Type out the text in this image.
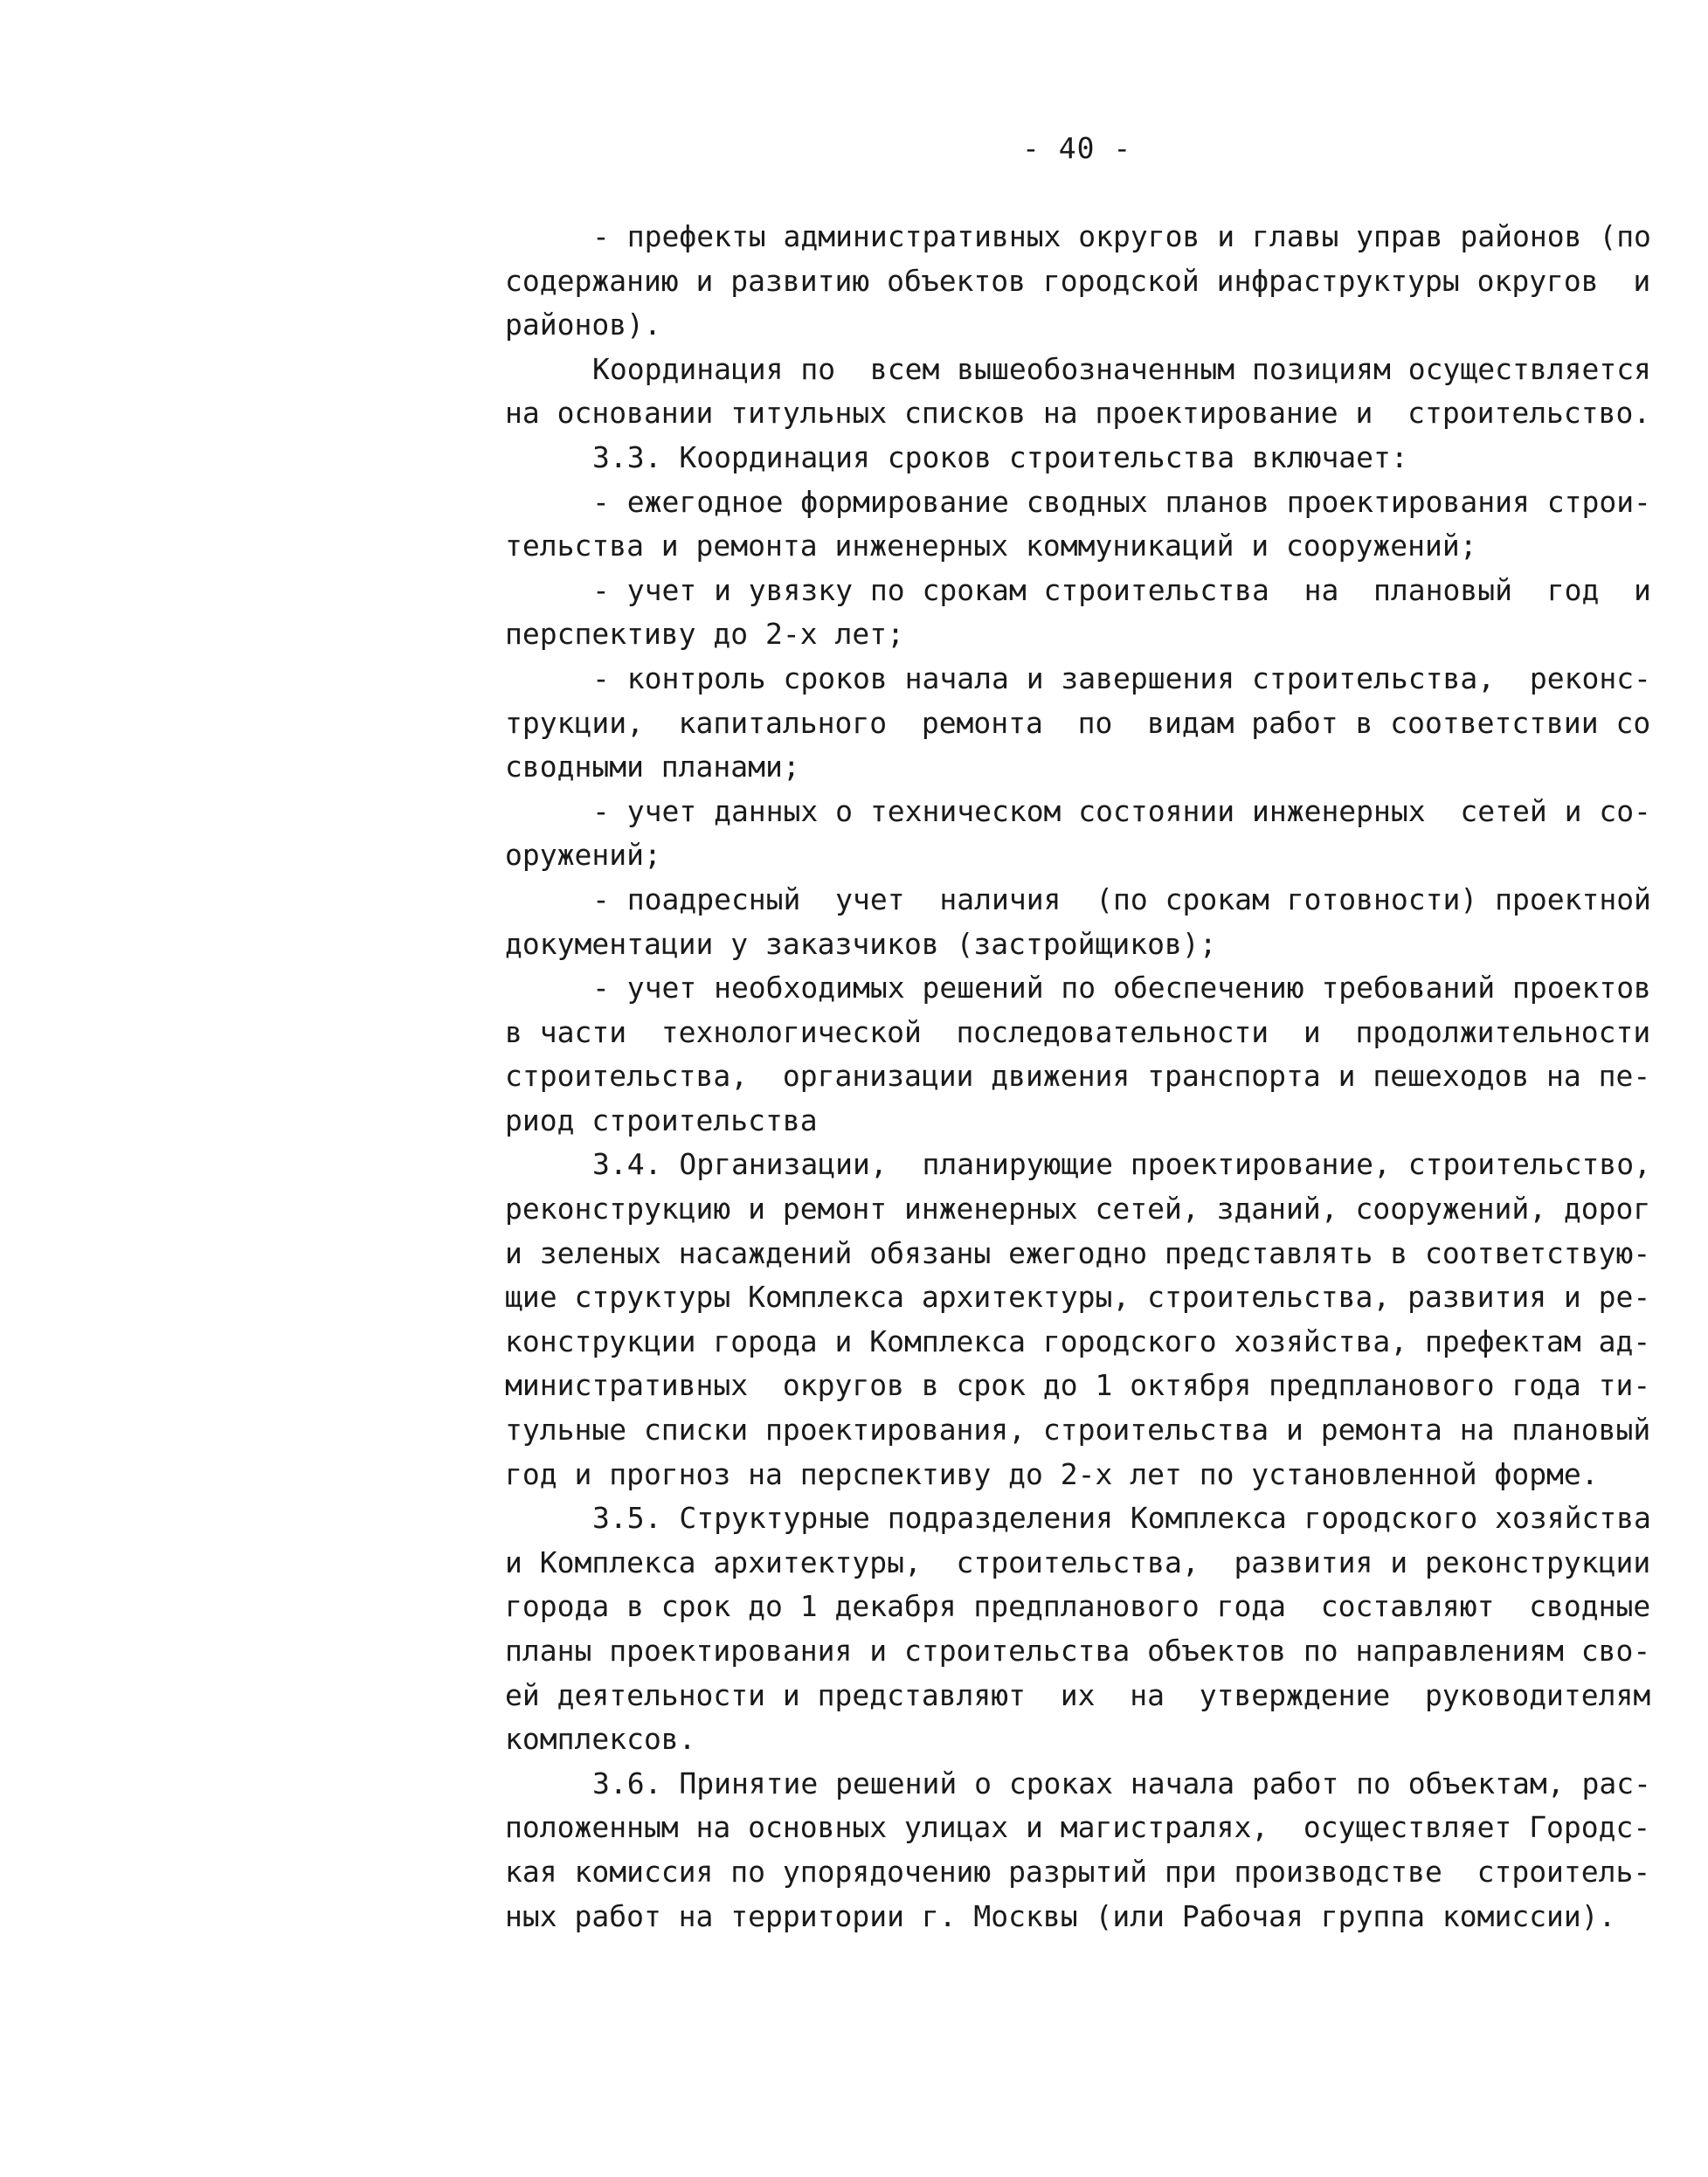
- 40 -
- префекты административных округов и главы управ районов (по
содержанию и развитию объектов городской инфраструктуры округов  и
районов).
Координация по  всем вышеобозначенным позициям осуществляется
на основании титульных списков на проектирование и  строительство.
3.3. Координация сроков строительства включает:
- ежегодное формирование сводных планов проектирования строи-
тельства и ремонта инженерных коммуникаций и сооружений;
- учет и увязку по срокам строительства  на  плановый  год  и
перспективу до 2-х лет;
- контроль сроков начала и завершения строительства,  реконс-
трукции,  капитального  ремонта  по  видам работ в соответствии со
сводными планами;
- учет данных о техническом состоянии инженерных  сетей и со-
оружений;
- поадресный  учет  наличия  (по срокам готовности) проектной
документации у заказчиков (застройщиков);
- учет необходимых решений по обеспечению требований проектов
в части  технологической  последовательности  и  продолжительности
строительства,  организации движения транспорта и пешеходов на пе-
риод строительства
3.4. Организации,  планирующие проектирование, строительство,
реконструкцию и ремонт инженерных сетей, зданий, сооружений, дорог
и зеленых насаждений обязаны ежегодно представлять в соответствую-
щие структуры Комплекса архитектуры, строительства, развития и ре-
конструкции города и Комплекса городского хозяйства, префектам ад-
министративных  округов в срок до 1 октября предпланового года ти-
тульные списки проектирования, строительства и ремонта на плановый
год и прогноз на перспективу до 2-х лет по установленной форме.
3.5. Структурные подразделения Комплекса городского хозяйства
и Комплекса архитектуры,  строительства,  развития и реконструкции
города в срок до 1 декабря предпланового года  составляют  сводные
планы проектирования и строительства объектов по направлениям сво-
ей деятельности и представляют  их  на  утверждение  руководителям
комплексов.
3.6. Принятие решений о сроках начала работ по объектам, рас-
положенным на основных улицах и магистралях,  осуществляет Городс-
кая комиссия по упорядочению разрытий при производстве  строитель-
ных работ на территории г. Москвы (или Рабочая группа комиссии).
